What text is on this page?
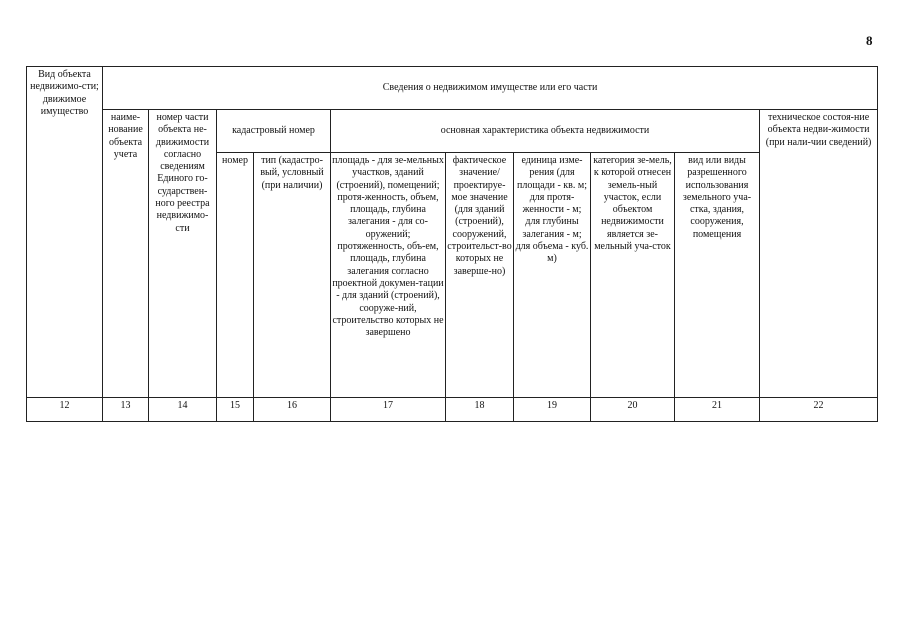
8
Вид объекта недвижимо-сти; движимое имущество	Сведения о недвижимом имуществе или его части									
	наиме-нование объекта учета	номер части объекта не-движимости согласно сведениям Единого го-сударствен-ного реестра недвижимо-сти	кадастровый номер		основная характеристика объекта недвижимости					техническое состоя-ние объекта недви-жимости (при нали-чии сведений)
			номер	тип (кадастро-вый, условный (при наличии)	площадь - для зе-мельных участков, зданий (строений), помещений; протя-женность, объем, площадь, глубина залегания - для со-оружений; протяженность, объ-ем, площадь, глубина залегания согласно проектной докумен-тации - для зданий (строений), сооруже-ний, строительство которых не завершено	фактическое значение/ проектируе-мое значение (для зданий (строений), сооружений, строительст-во которых не заверше-но)	единица изме-рения (для площади - кв. м; для протя-женности - м; для глубины залегания - м; для объема - куб. м)	категория зе-мель, к которой отнесен земель-ный участок, если объектом недвижимости является зе-мельный уча-сток	вид или виды разрешенного использования земельного уча-стка, здания, сооружения, помещения	
12	13	14	15	16	17	18	19	20	21	22
